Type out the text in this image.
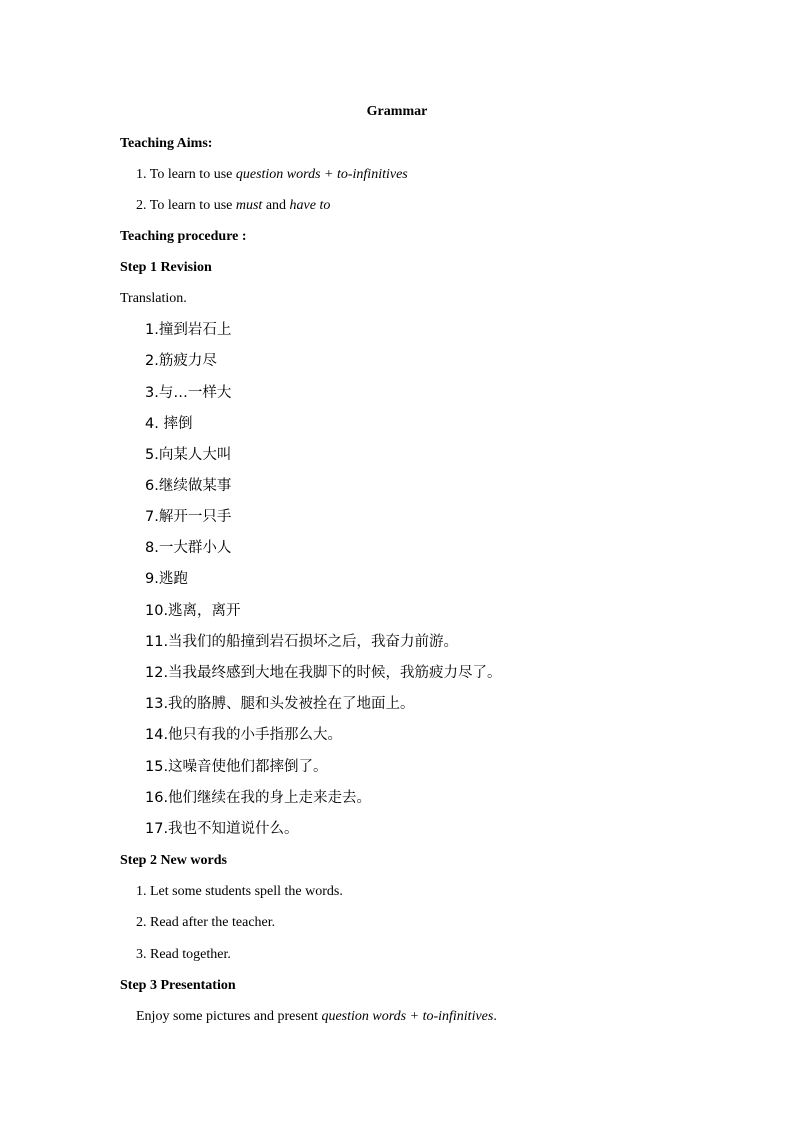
Grammar
Teaching Aims:
1. To learn to use question words + to-infinitives
2. To learn to use must and have to
Teaching procedure :
Step 1 Revision
Translation.
1.撞到岩石上
2.筋疲力尽
3.与…一样大
4. 摔倒
5.向某人大叫
6.继续做某事
7.解开一只手
8.一大群小人
9.逃跑
10.逃离，离开
11.当我们的船撞到岩石损坏之后，我奋力前游。
12.当我最终感到大地在我脚下的时候，我筋疲力尽了。
13.我的胳膊、腿和头发被拴在了地面上。
14.他只有我的小手指那么大。
15.这噪音使他们都摔倒了。
16.他们继续在我的身上走来走去。
17.我也不知道说什么。
Step 2 New words
1. Let some students spell the words.
2. Read after the teacher.
3. Read together.
Step 3 Presentation
Enjoy some pictures and present question words + to-infinitives.
